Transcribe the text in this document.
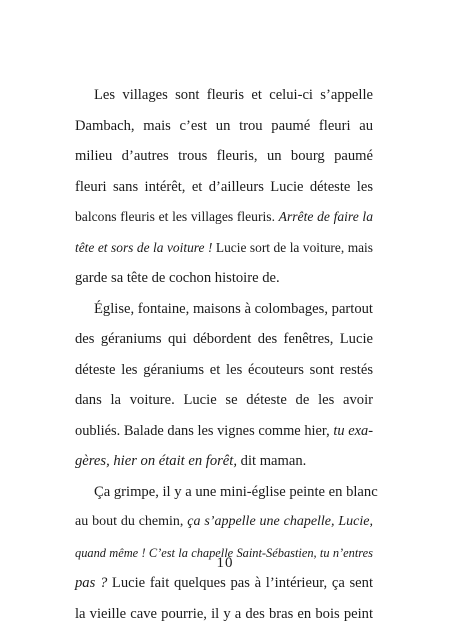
Les villages sont fleuris et celui-ci s’appelle
Dambach, mais c’est un trou paumé fleuri au
milieu d’autres trous fleuris, un bourg paumé
fleuri sans intérêt, et d’ailleurs Lucie déteste les
balcons fleuris et les villages fleuris. Arrête de faire la
tête et sors de la voiture ! Lucie sort de la voiture, mais
garde sa tête de cochon histoire de.
Église, fontaine, maisons à colombages, partout
des géraniums qui débordent des fenêtres, Lucie
déteste les géraniums et les écouteurs sont restés
dans la voiture. Lucie se déteste de les avoir
oubliés. Balade dans les vignes comme hier, tu exa-
gères, hier on était en forêt, dit maman.
Ça grimpe, il y a une mini-église peinte en blanc
au bout du chemin, ça s’appelle une chapelle, Lucie,
quand même ! C’est la chapelle Saint-Sébastien, tu n’entres
pas ? Lucie fait quelques pas à l’intérieur, ça sent
la vieille cave pourrie, il y a des bras en bois peint
10
